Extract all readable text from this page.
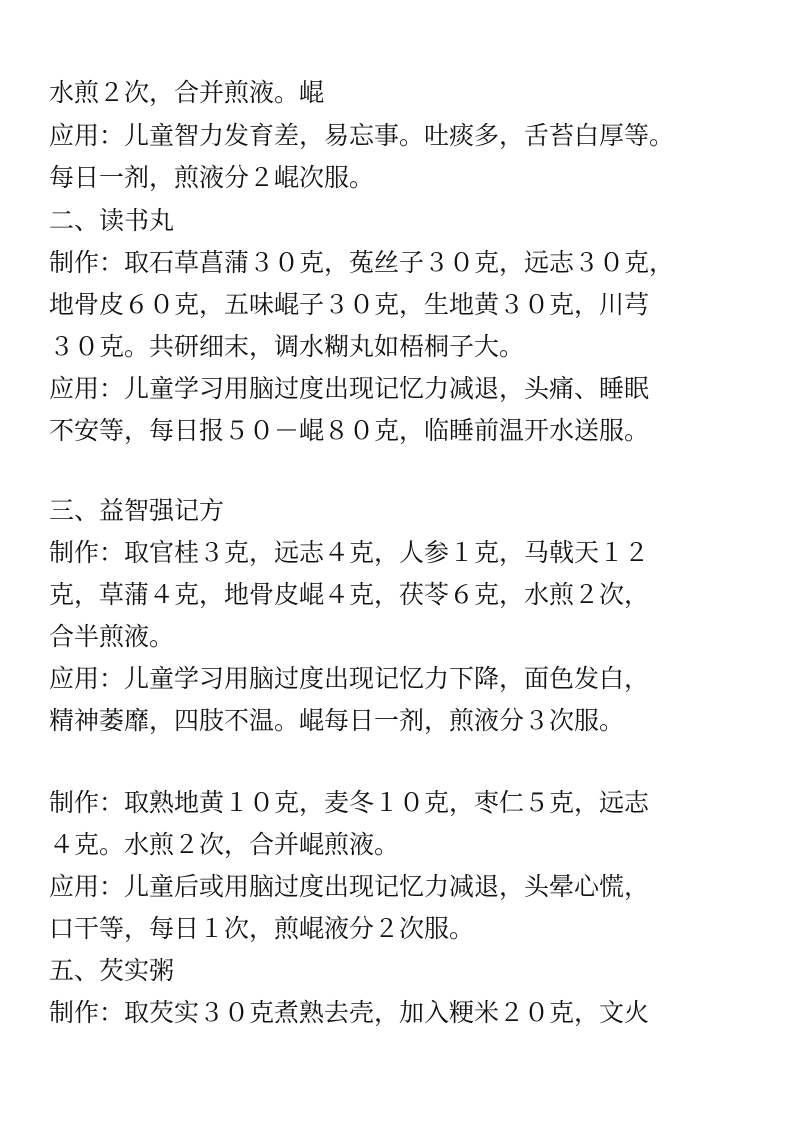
水煎２次，合并煎液。崐
应用：儿童智力发育差，易忘事。吐痰多，舌苔白厚等。
每日一剂，煎液分２崐次服。
二、读书丸
制作：取石草菖蒲３０克，菟丝子３０克，远志３０克，
地骨皮６０克，五味崐子３０克，生地黄３０克，川芎
３０克。共研细末，调水糊丸如梧桐子大。
应用：儿童学习用脑过度出现记忆力减退，头痛、睡眠
不安等，每日报５０－崐８０克，临睡前温开水送服。
三、益智强记方
制作：取官桂３克，远志４克，人参１克，马戟天１２
克，草蒲４克，地骨皮崐４克，茯苓６克，水煎２次，
合半煎液。
应用：儿童学习用脑过度出现记忆力下降，面色发白，
精神萎靡，四肢不温。崐每日一剂，煎液分３次服。
制作：取熟地黄１０克，麦冬１０克，枣仁５克，远志
４克。水煎２次，合并崐煎液。
应用：儿童后或用脑过度出现记忆力减退，头晕心慌，
口干等，每日１次，煎崐液分２次服。
五、芡实粥
制作：取芡实３０克煮熟去壳，加入粳米２０克，文火
